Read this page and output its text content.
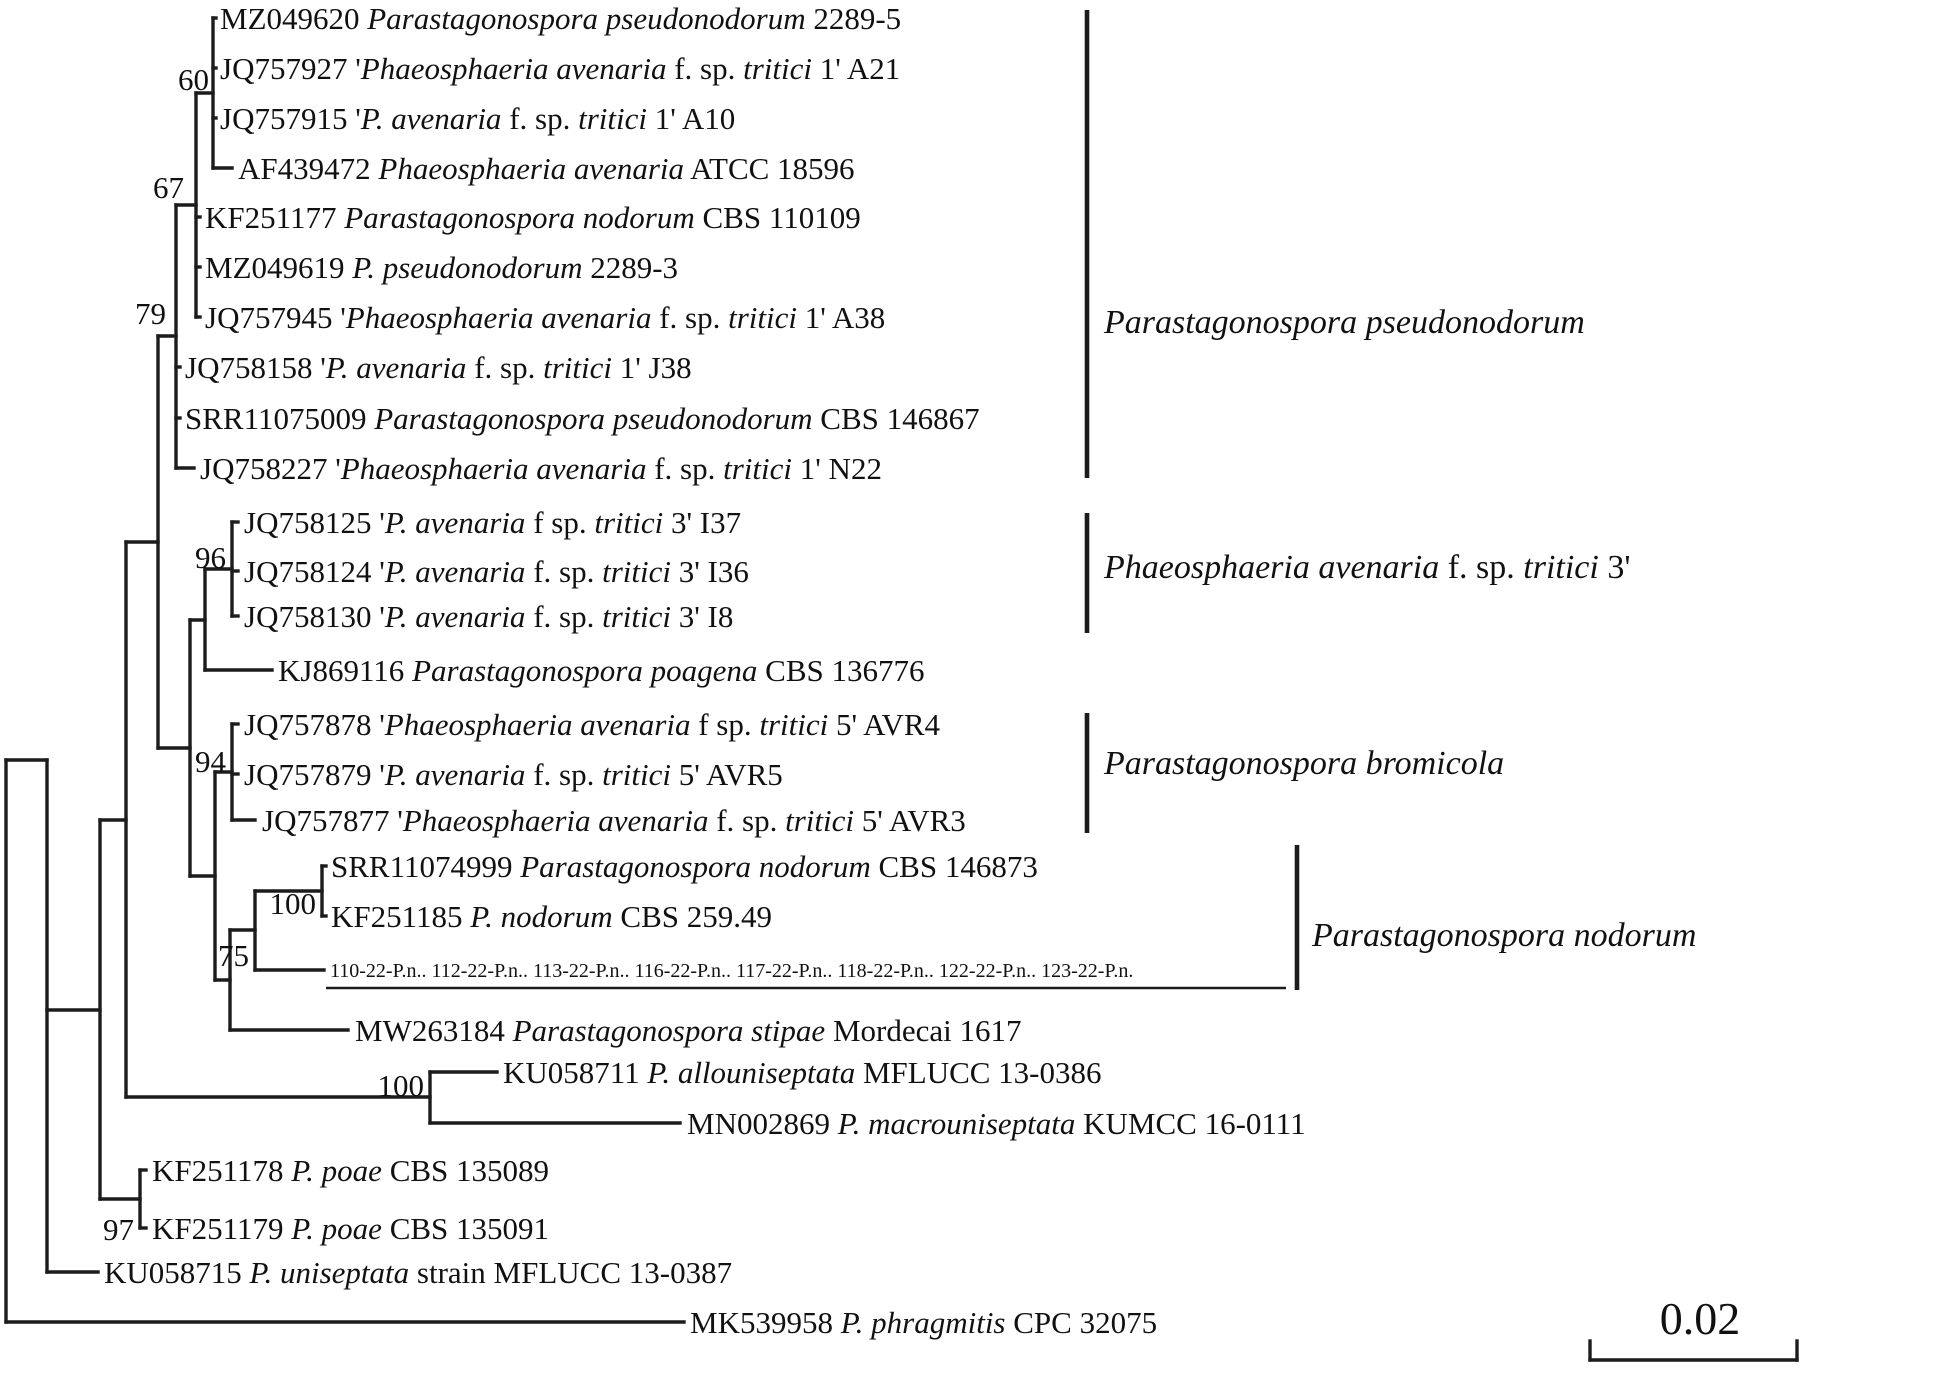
MZ049620 Parastagonospora pseudonodorum 2289-5
JQ757927 'Phaeosphaeria avenaria f. sp. tritici 1' A21
JQ757915 'P. avenaria f. sp. tritici 1' A10
AF439472 Phaeosphaeria avenaria ATCC 18596
KF251177 Parastagonospora nodorum CBS 110109
MZ049619 P. pseudonodorum 2289-3
JQ757945 'Phaeosphaeria avenaria f. sp. tritici 1' A38
JQ758158 'P. avenaria f. sp. tritici 1' J38
SRR11075009 Parastagonospora pseudonodorum CBS 146867
JQ758227 'Phaeosphaeria avenaria f. sp. tritici 1' N22
JQ758125 'P. avenaria f sp. tritici 3' I37
JQ758124 'P. avenaria f. sp. tritici 3' I36
JQ758130 'P. avenaria f. sp. tritici 3' I8
KJ869116 Parastagonospora poagena CBS 136776
JQ757878 'Phaeosphaeria avenaria f sp. tritici 5' AVR4
JQ757879 'P. avenaria f. sp. tritici 5' AVR5
JQ757877 'Phaeosphaeria avenaria f. sp. tritici 5' AVR3
SRR11074999 Parastagonospora nodorum CBS 146873
KF251185 P. nodorum CBS 259.49
110-22-P.n.. 112-22-P.n.. 113-22-P.n.. 116-22-P.n.. 117-22-P.n.. 118-22-P.n.. 122-22-P.n.. 123-22-P.n.
MW263184 Parastagonospora stipae Mordecai 1617
KU058711 P. allouniseptata MFLUCC 13-0386
MN002869 P. macrouniseptata KUMCC 16-0111
KF251178 P. poae CBS 135089
KF251179 P. poae CBS 135091
KU058715 P. uniseptata strain MFLUCC 13-0387
MK539958 P. phragmitis CPC 32075
60
67
79
96
94
100
75
100
97
Parastagonospora pseudonodorum
Phaeosphaeria avenaria f. sp. tritici 3'
Parastagonospora bromicola
Parastagonospora nodorum
0.02
